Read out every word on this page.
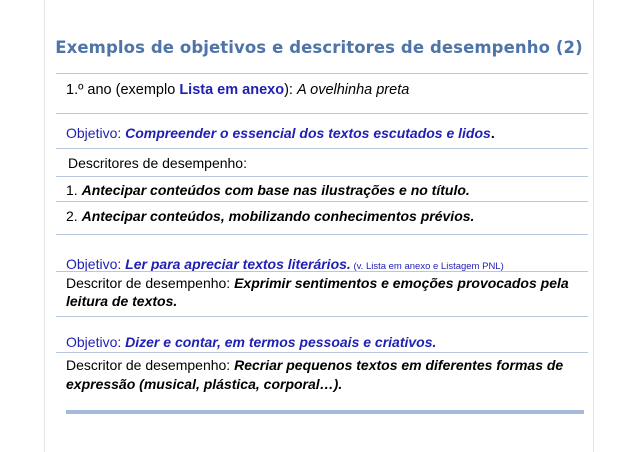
Exemplos de objetivos e descritores de desempenho (2)
1.º ano (exemplo Lista em anexo): A ovelhinha preta
Objetivo: Compreender o essencial dos textos escutados e lidos.
Descritores de desempenho:
1. Antecipar conteúdos com base nas ilustrações e no título.
2. Antecipar conteúdos, mobilizando conhecimentos prévios.
Objetivo: Ler para apreciar textos literários. (v. Lista em anexo e Listagem PNL)
Descritor de desempenho: Exprimir sentimentos e emoções provocados pela
leitura de textos.
Objetivo: Dizer e contar, em termos pessoais e criativos.
Descritor de desempenho: Recriar pequenos textos em diferentes formas de
expressão (musical, plástica, corporal…).
